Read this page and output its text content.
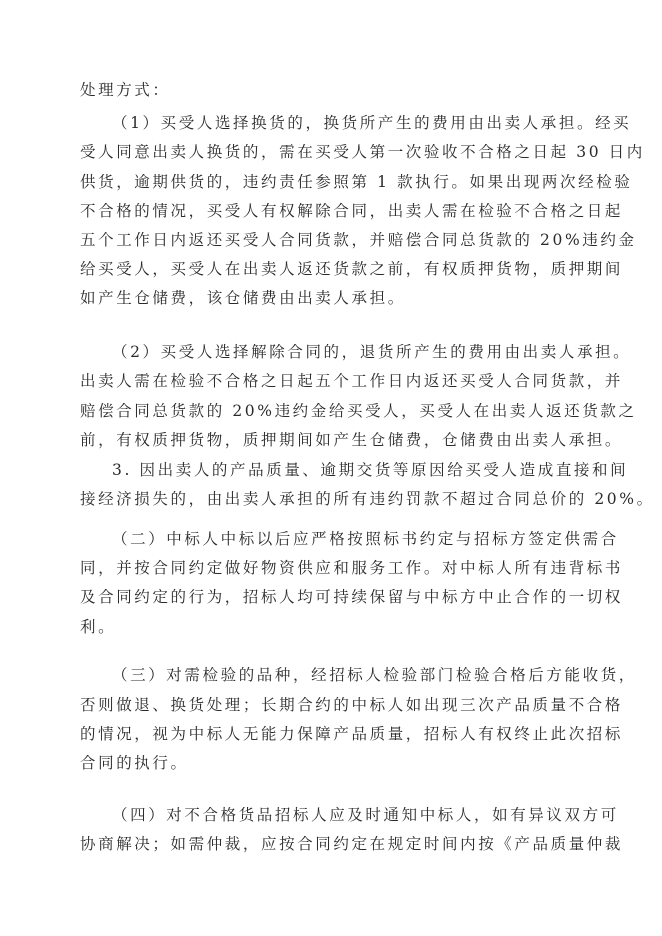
处理方式：
（1）买受人选择换货的，换货所产生的费用由出卖人承担。经买
受人同意出卖人换货的，需在买受人第一次验收不合格之日起 30 日内
供货，逾期供货的，违约责任参照第 1 款执行。如果出现两次经检验
不合格的情况，买受人有权解除合同，出卖人需在检验不合格之日起
五个工作日内返还买受人合同货款，并赔偿合同总货款的 20%违约金
给买受人，买受人在出卖人返还货款之前，有权质押货物，质押期间
如产生仓储费，该仓储费由出卖人承担。
（2）买受人选择解除合同的，退货所产生的费用由出卖人承担。
出卖人需在检验不合格之日起五个工作日内返还买受人合同货款，并
赔偿合同总货款的 20%违约金给买受人，买受人在出卖人返还货款之
前，有权质押货物，质押期间如产生仓储费，仓储费由出卖人承担。
3. 因出卖人的产品质量、逾期交货等原因给买受人造成直接和间
接经济损失的，由出卖人承担的所有违约罚款不超过合同总价的 20%。
（二）中标人中标以后应严格按照标书约定与招标方签定供需合
同，并按合同约定做好物资供应和服务工作。对中标人所有违背标书
及合同约定的行为，招标人均可持续保留与中标方中止合作的一切权
利。
（三）对需检验的品种，经招标人检验部门检验合格后方能收货，
否则做退、换货处理；长期合约的中标人如出现三次产品质量不合格
的情况，视为中标人无能力保障产品质量，招标人有权终止此次招标
合同的执行。
（四）对不合格货品招标人应及时通知中标人，如有异议双方可
协商解决；如需仲裁，应按合同约定在规定时间内按《产品质量仲裁
